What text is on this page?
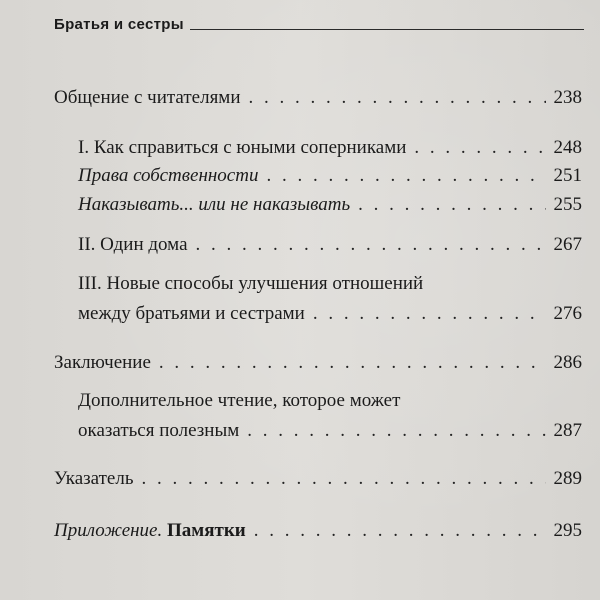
Братья и сестры
Общение с читателями . . .	238
I. Как справиться с юными соперниками . . .	248
Права собственности . . .	251
Наказывать... или не наказывать . . .	255
II. Один дома . . .	267
III. Новые способы улучшения отношений
между братьями и сестрами . . .	276
Заключение . . .	286
Дополнительное чтение, которое может
оказаться полезным . . .	287
Указатель . . .	289
Приложение. Памятки . . .	295
